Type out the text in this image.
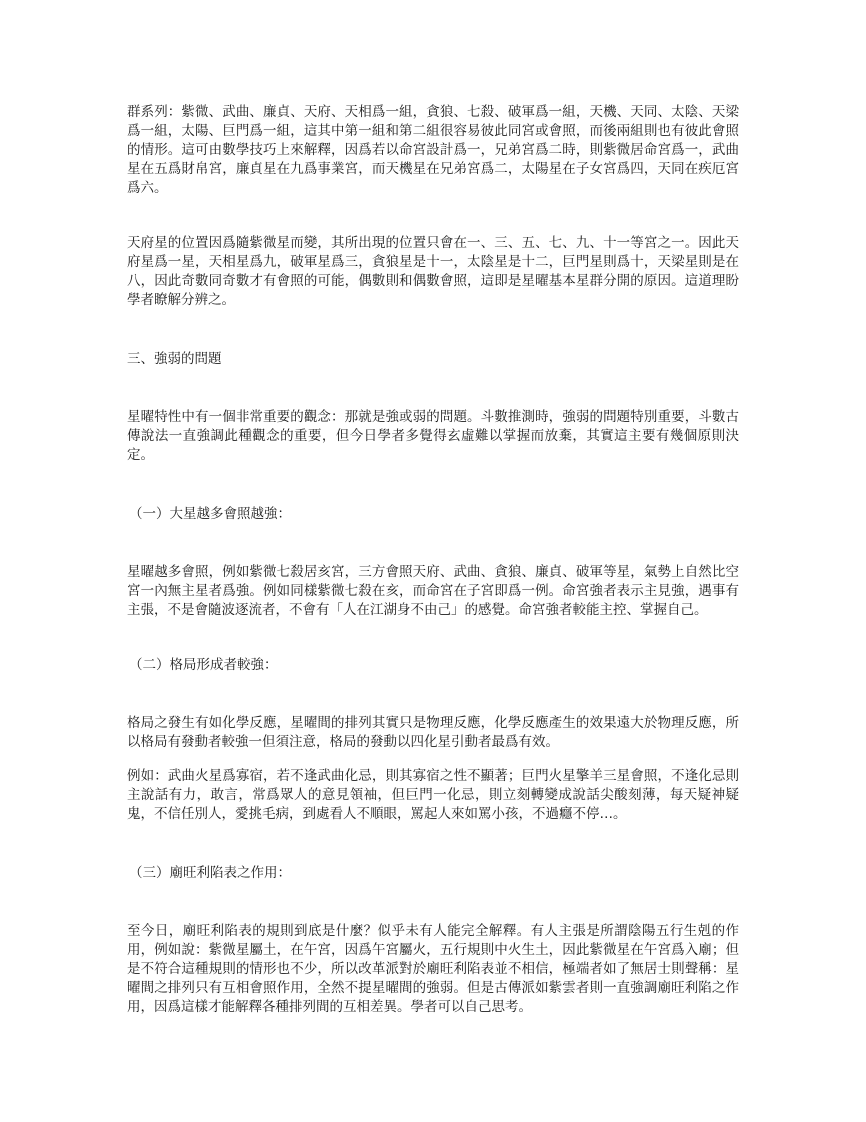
群系列：紫微、武曲、廉貞、天府、天相爲一組，貪狼、七殺、破軍爲一組，天機、天同、太陰、天梁爲一組，太陽、巨門爲一組，這其中第一組和第二組很容易彼此同宮或會照，而後兩組則也有彼此會照的情形。這可由數學技巧上來解釋，因爲若以命宮設計爲一，兄弟宮爲二時，則紫微居命宮爲一，武曲星在五爲財帛宮，廉貞星在九爲事業宮，而天機星在兄弟宮爲二，太陽星在子女宮爲四，天同在疾厄宮爲六。

天府星的位置因爲隨紫微星而變，其所出現的位置只會在一、三、五、七、九、十一等宮之一。因此天府星爲一星，天相星爲九，破軍星爲三，貪狼星是十一，太陰星是十二，巨門星則爲十，天梁星則是在八，因此奇數同奇數才有會照的可能，偶數則和偶數會照，這即是星曜基本星群分開的原因。這道理盼學者瞭解分辨之。

三、強弱的問題

星曜特性中有一個非常重要的觀念：那就是強或弱的問題。斗數推測時，強弱的問題特別重要，斗數古傳說法一直強調此種觀念的重要，但今日學者多覺得玄虛難以掌握而放棄，其實這主要有幾個原則決定。

（一）大星越多會照越強：

星曜越多會照，例如紫微七殺居亥宮，三方會照天府、武曲、貪狼、廉貞、破軍等星，氣勢上自然比空宮一內無主星者爲強。例如同樣紫微七殺在亥，而命宮在子宮即爲一例。命宮強者表示主見強，遇事有主張，不是會隨波逐流者，不會有「人在江湖身不由己」的感覺。命宮強者較能主控、掌握自己。

（二）格局形成者較強：

格局之發生有如化學反應，星曜間的排列其實只是物理反應，化學反應產生的效果遠大於物理反應，所以格局有發動者較強一但須注意，格局的發動以四化星引動者最爲有效。

例如：武曲火星爲寡宿，若不逢武曲化忌，則其寡宿之性不顯著；巨門火星擎羊三星會照，不逢化忌則主說話有力，敢言，常爲眾人的意見領袖，但巨門一化忌，則立刻轉變成說話尖酸刻薄，每天疑神疑鬼，不信任別人，愛挑毛病，到處看人不順眼，罵起人來如罵小孩，不過癮不停…。

（三）廟旺利陷表之作用：

至今日，廟旺利陷表的規則到底是什麼？似乎未有人能完全解釋。有人主張是所謂陰陽五行生剋的作用，例如說：紫微星屬土，在午宮，因爲午宮屬火，五行規則中火生土，因此紫微星在午宮爲入廟；但是不符合這種規則的情形也不少，所以改革派對於廟旺利陷表並不相信，極端者如了無居士則聲稱：星曜間之排列只有互相會照作用，全然不提星曜間的強弱。但是古傳派如紫雲者則一直強調廟旺利陷之作用，因爲這樣才能解釋各種排列間的互相差異。學者可以自己思考。
